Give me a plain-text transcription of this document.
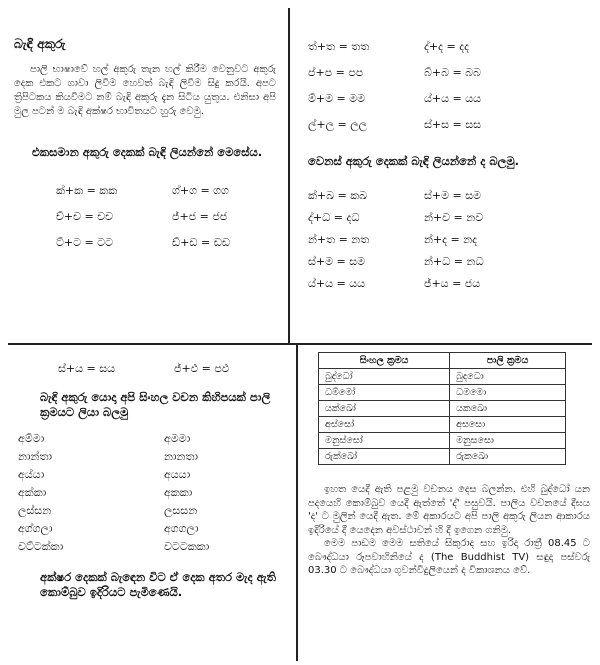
බැඳි අකුරු
පාලි භාෂාවේ හල් අකුරු තැන හල් කිරීම වෙනුවට අකුරු දෙක එකට ගාවා ලිවීම හෙවත් බැඳි ලිවීම සිදු කරයි. අපට ත්‍රිපිටකය කියවීමට නම් බැඳි අකුරු දැන සිටිය යුතුය. එනිසා අපි මුල පටන් ම බැඳි අක්ෂර භාවිතයට හුරු වෙමු.
එකසමාන අකුරු දෙකක් බැඳි ලියන්නේ මෙසේය.
ක්+ක = කක	ග්+ග = ගග
ච්+ච = චච	ජ්+ජ = ජජ
ට්+ට = ටට	ඩ්+ඩ = ඩඩ
ත්+ත = තත	ද්+ද = දද
ප්+ප = පප	බ්+බ = බබ
ම්+ම = මම	ය්+ය = යය
ල්+ල = ලල	ස්+ස = සස
වෙනස් අකුරු දෙකක් බැඳි ලියන්නේ ද බලමු.
ක්+ඛ = කඛ	ස්+ම = සම
ද්+ධ = දධ	න්+ව = නව
න්+ත = නත	න්+ද = නද
ස්+ම = සම	න්+ධ = නධ
ය්+ය = යය	ජ්+ය = ජය
ස්+ය = සය	ජ්+ඵ = පඵ
බැඳි අකුරු යොදා අපි සිංහල වචන කිහිපයක් පාලි ක්‍රමයට ලියා බලමු
අම්මා	අමමා
නාන්තා	නානතා
අය්යා	අයයා
අක්කා	අකකා
ලස්සන	ලසසන
අග්ගලා	අගගලා
වට්ටක්කා	වටටකකා
අක්ෂර දෙකක් බැඳෙන විට ඒ දෙක අතර මැද ඇති කොම්බුව ඉදිරියට පැමිණෙයි.
සිංහල ක්‍රමය	පාලි ක්‍රමය
බුද්ධෝ	බුදධො
ධම්මෝ	ධමමො
යක්ඛෝ	යකඛො
අස්සෝ	අසසො
මනුස්සෝ	මනුසසො
රුක්ඛෝ	රුකඛො
ඉහත යෙදී ඇති පළමු වචනය දෙස බලන්න. එහි බුද්ධෝ යන පදයෙහි කොම්බුව යෙදී ඇත්තේ 'ද්' පසුවයි. පාලිය වචනයේ දීඝය 'ද' ට මුලින් යෙදී ඇත. මේ අකාරයට අපි පාලි අකුරු ලියන ආකාරය ඉදිරියේ දී යෙදෙන අවස්ථාවන් හි දී ඉගෙන ගනිමු.
මෙම පාඩම මෙම සතියේ සිකුරාද සහ ඉරිදා රාත්‍රී 08.45 ට බෞද්ධයා රූපවාහිනියේ ද (The Buddhist TV) සඳුදා පස්වරු 03.30 ට බෞද්ධයා ගුවන්විදුලියෙන් ද විකාශනය වේ.
